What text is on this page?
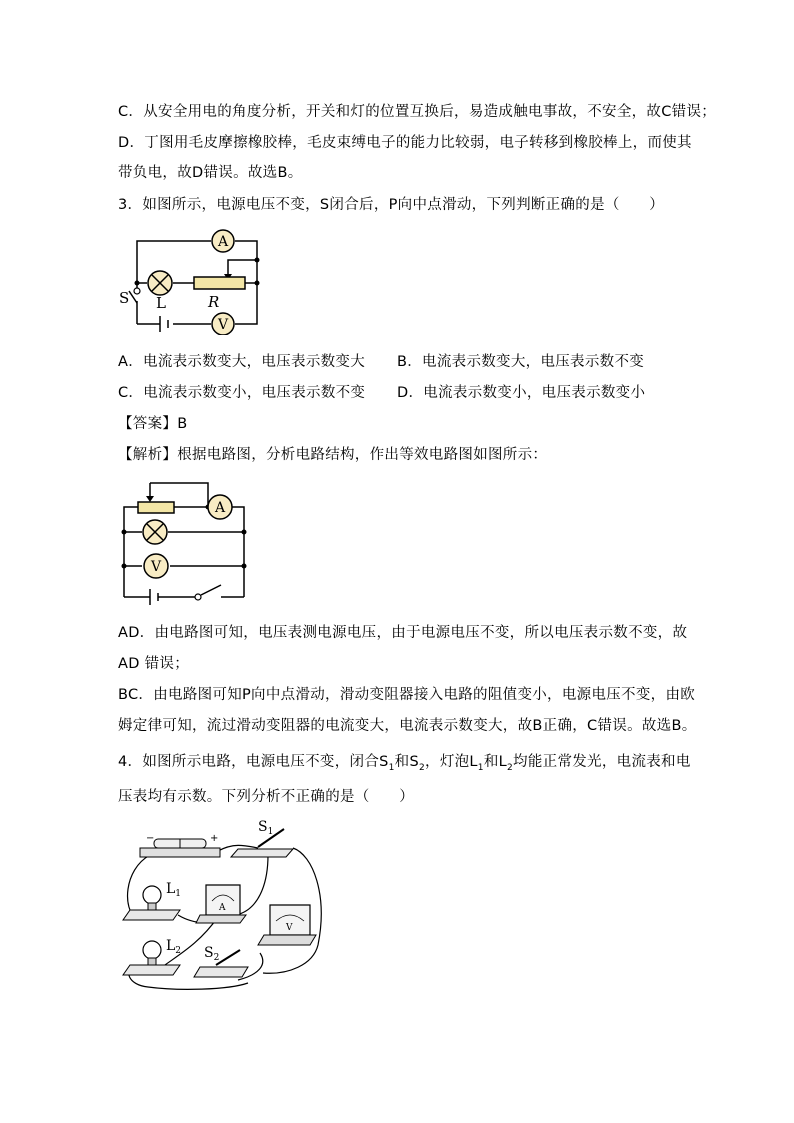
C．从安全用电的角度分析，开关和灯的位置互换后，易造成触电事故，不安全，故C错误；
D．丁图用毛皮摩擦橡胶棒，毛皮束缚电子的能力比较弱，电子转移到橡胶棒上，而使其
带负电，故D错误。故选B。
3．如图所示，电源电压不变，S闭合后，P向中点滑动，下列判断正确的是（　　）
A
V
S L	R
A．电流表示数变大，电压表示数变大 B．电流表示数变大，电压表示数不变
C．电流表示数变小，电压表示数不变 D．电流表示数变小，电压表示数变小
【答案】B
【解析】根据电路图，分析电路结构，作出等效电路图如图所示：
A
V
AD．由电路图可知，电压表测电源电压，由于电源电压不变，所以电压表示数不变，故
AD 错误；
BC．由电路图可知P向中点滑动，滑动变阻器接入电路的阻值变小，电源电压不变，由欧
姆定律可知，流过滑动变阻器的电流变大，电流表示数变大，故B正确，C错误。故选B。
4．如图所示电路，电源电压不变，闭合$S_1$和$S_2$，灯泡$L_1$和$L_2$均能正常发光，电流表和电
压表均有示数。下列分析不正确的是（　　）
−	+
$S_1$
$L_1$
A
V
$L_2$ $S_2$
